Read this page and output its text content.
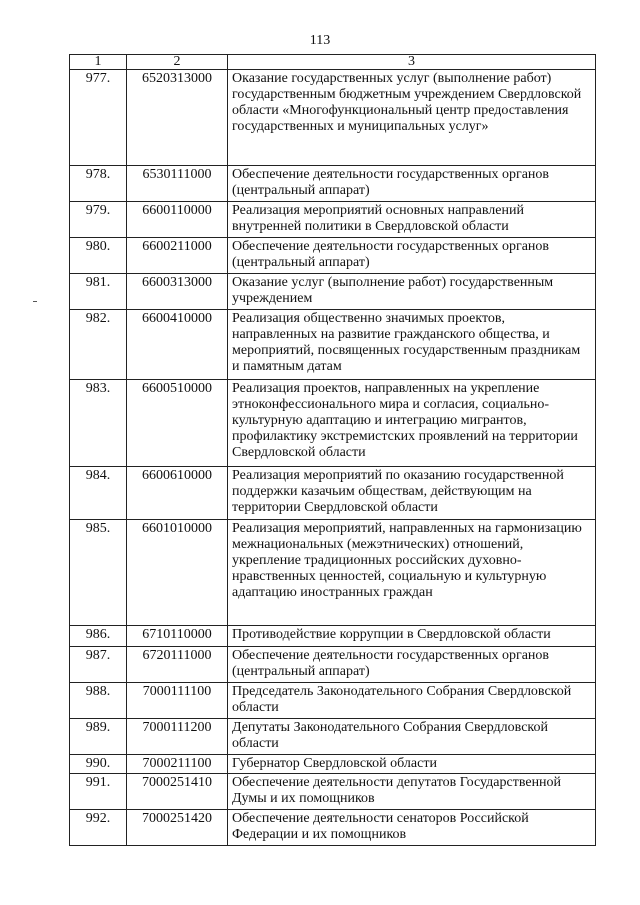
113
1	2	3
977.	6520313000	Оказание государственных услуг (выполнение работ) государственным бюджетным учреждением Свердловской области «Многофункциональный центр предоставления государственных и муниципальных услуг»
978.	6530111000	Обеспечение деятельности государственных органов (центральный аппарат)
979.	6600110000	Реализация мероприятий основных направлений внутренней политики в Свердловской области
980.	6600211000	Обеспечение деятельности государственных органов (центральный аппарат)
981.	6600313000	Оказание услуг (выполнение работ) государственным учреждением
982.	6600410000	Реализация общественно значимых проектов, направленных на развитие гражданского общества, и мероприятий, посвященных государственным праздникам и памятным датам
983.	6600510000	Реализация проектов, направленных на укрепление этноконфессионального мира и согласия, социально-культурную адаптацию и интеграцию мигрантов, профилактику экстремистских проявлений на территории Свердловской области
984.	6600610000	Реализация мероприятий по оказанию государственной поддержки казачьим обществам, действующим на территории Свердловской области
985.	6601010000	Реализация мероприятий, направленных на гармонизацию межнациональных (межэтнических) отношений, укрепление традиционных российских духовно-нравственных ценностей, социальную и культурную адаптацию иностранных граждан
986.	6710110000	Противодействие коррупции в Свердловской области
987.	6720111000	Обеспечение деятельности государственных органов (центральный аппарат)
988.	7000111100	Председатель Законодательного Собрания Свердловской области
989.	7000111200	Депутаты Законодательного Собрания Свердловской области
990.	7000211100	Губернатор Свердловской области
991.	7000251410	Обеспечение деятельности депутатов Государственной Думы и их помощников
992.	7000251420	Обеспечение деятельности сенаторов Российской Федерации и их помощников
